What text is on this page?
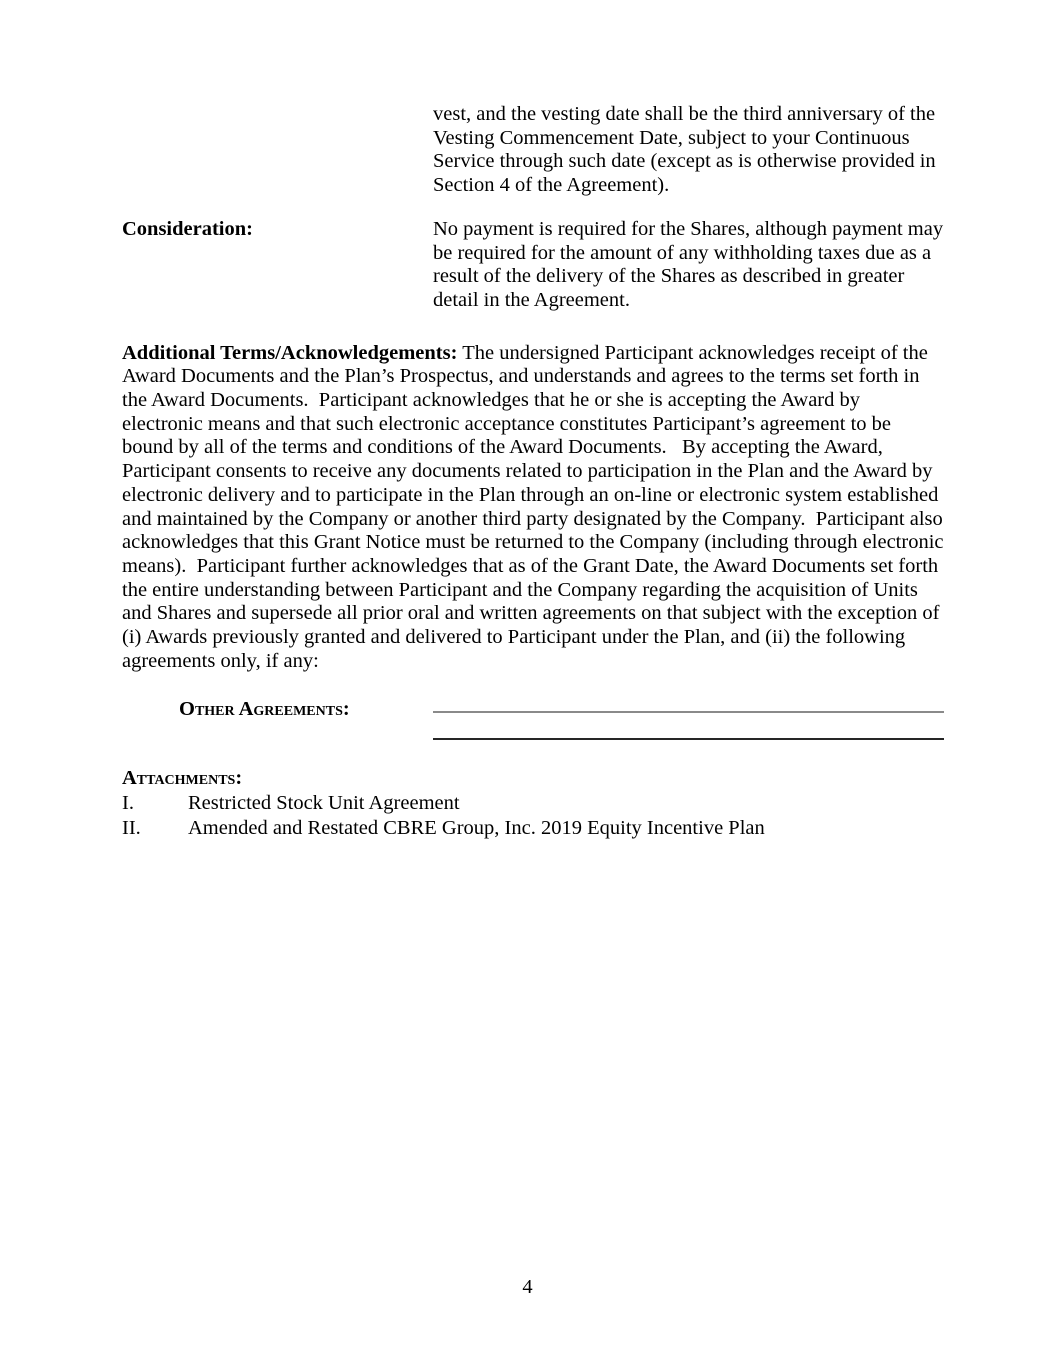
vest, and the vesting date shall be the third anniversary of the Vesting Commencement Date, subject to your Continuous Service through such date (except as is otherwise provided in Section 4 of the Agreement).

Consideration:	No payment is required for the Shares, although payment may be required for the amount of any withholding taxes due as a result of the delivery of the Shares as described in greater detail in the Agreement.

Additional Terms/Acknowledgements: The undersigned Participant acknowledges receipt of the Award Documents and the Plan’s Prospectus, and understands and agrees to the terms set forth in the Award Documents.  Participant acknowledges that he or she is accepting the Award by electronic means and that such electronic acceptance constitutes Participant’s agreement to be bound by all of the terms and conditions of the Award Documents.   By accepting the Award, Participant consents to receive any documents related to participation in the Plan and the Award by electronic delivery and to participate in the Plan through an on-line or electronic system established and maintained by the Company or another third party designated by the Company.  Participant also acknowledges that this Grant Notice must be returned to the Company (including through electronic means).  Participant further acknowledges that as of the Grant Date, the Award Documents set forth the entire understanding between Participant and the Company regarding the acquisition of Units and Shares and supersede all prior oral and written agreements on that subject with the exception of (i) Awards previously granted and delivered to Participant under the Plan, and (ii) the following agreements only, if any:

Other Agreements:
Attachments:
I.	Restricted Stock Unit Agreement
II.	Amended and Restated CBRE Group, Inc. 2019 Equity Incentive Plan
4
